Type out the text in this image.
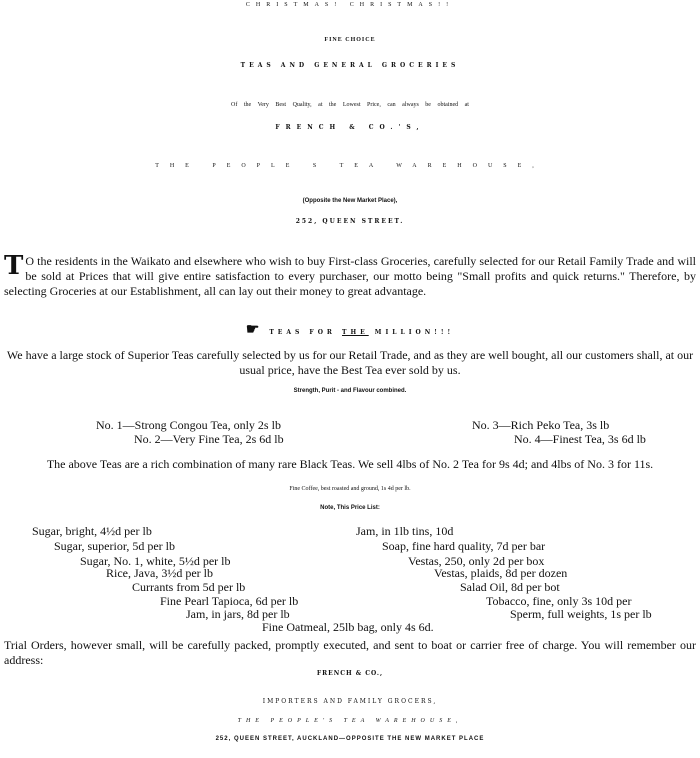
CHRISTMAS! CHRISTMAS!!
FINE CHOICE
TEAS AND GENERAL GROCERIES
Of the Very Best Quality, at the Lowest Price, can always be obtained at
FRENCH & CO.'S,
THE PEOPLE S TEA WAREHOUSE,
(Opposite the New Market Place),
252, QUEEN STREET.
T O the residents in the Waikato and elsewhere who wish to buy First-class Groceries, carefully selected for our Retail Family Trade and will be sold at Prices that will give entire satisfaction to every purchaser, our motto being "Small profits and quick returns." Therefore, by selecting Groceries at our Establishment, all can lay out their money to great advantage.
☛ TEAS FOR THE MILLION!!!
We have a large stock of Superior Teas carefully selected by us for our Retail Trade, and as they are well bought, all our customers shall, at our usual price, have the Best Tea ever sold by us.
Strength, Purit - and Flavour combined.
No. 1—Strong Congou Tea, only 2s lb
No. 2—Very Fine Tea, 2s 6d lb
No. 3—Rich Peko Tea, 3s lb
No. 4—Finest Tea, 3s 6d lb
The above Teas are a rich combination of many rare Black Teas. We sell 4lbs of No. 2 Tea for 9s 4d; and 4lbs of No. 3 for 11s.
Fine Coffee, best roasted and ground, 1s 4d per lb.
Note, This Price List:
Sugar, bright, 4½d per lb
Sugar, superior, 5d per lb
Sugar, No. 1, white, 5½d per lb
Rice, Java, 3½d per lb
Currants from 5d per lb
Fine Pearl Tapioca, 6d per lb
Jam, in jars, 8d per lb
Fine Oatmeal, 25lb bag, only 4s 6d.
Jam, in 1lb tins, 10d
Soap, fine hard quality, 7d per bar
Vestas, 250, only 2d per box
Vestas, plaids, 8d per dozen
Salad Oil, 8d per bot
Tobacco, fine, only 3s 10d per
Sperm, full weights, 1s per lb
Trial Orders, however small, will be carefully packed, promptly executed, and sent to boat or carrier free of charge. You will remember our address:
FRENCH & CO.,
IMPORTERS AND FAMILY GROCERS,
THE PEOPLE'S TEA WAREHOUSE,
252, QUEEN STREET, AUCKLAND—OPPOSITE THE NEW MARKET PLACE
